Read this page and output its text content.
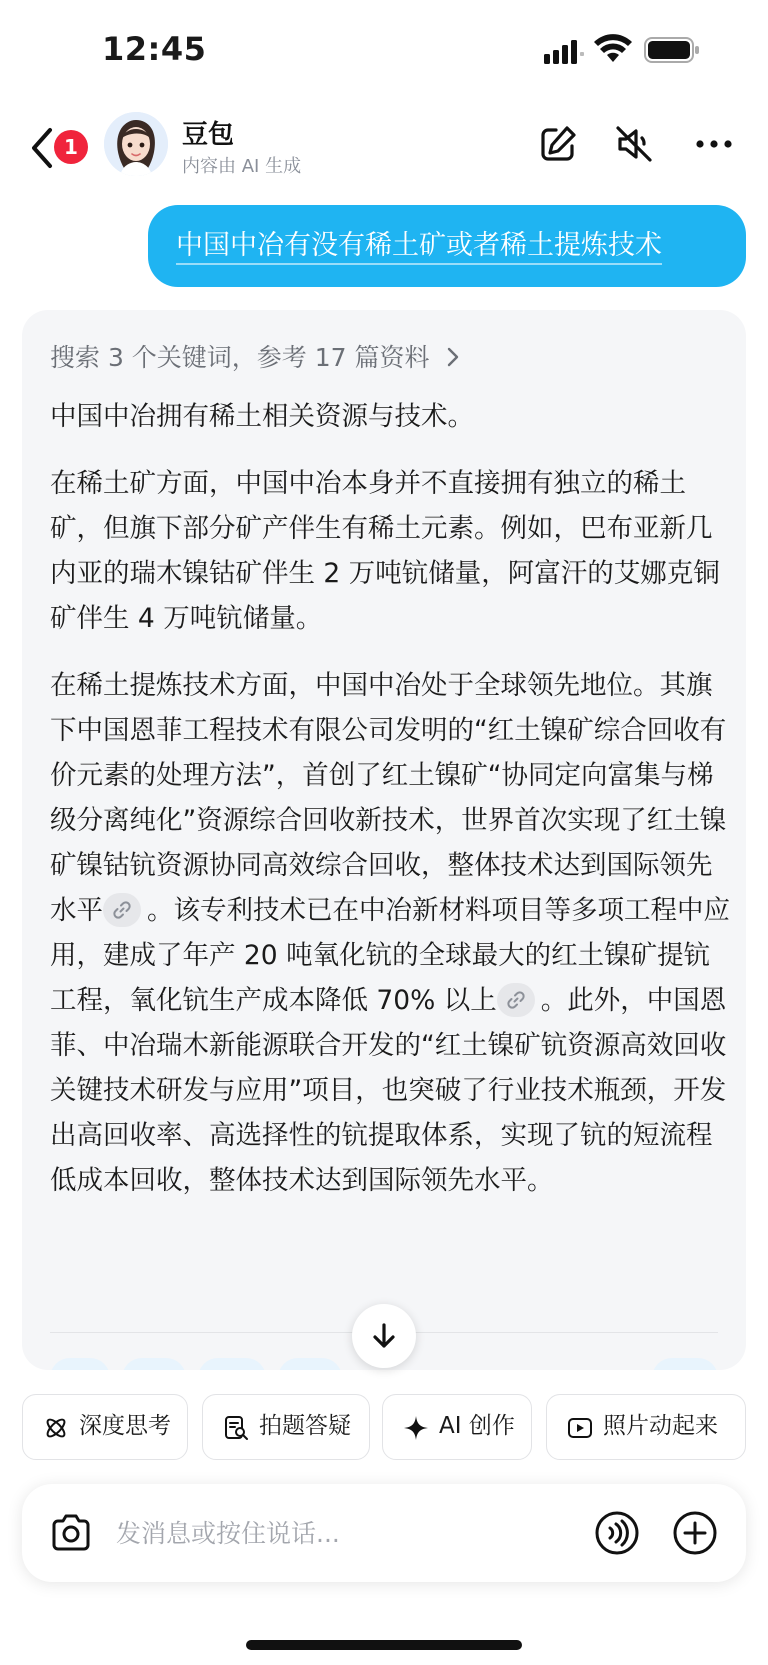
12:45
1	豆包
内容由 AI 生成
中国中冶有没有稀土矿或者稀土提炼技术
搜索 3 个关键词，参考 17 篇资料

中国中冶拥有稀土相关资源与技术。

在稀土矿方面，中国中冶本身并不直接拥有独立的稀土矿，但旗下部分矿产伴生有稀土元素。例如，巴布亚新几内亚的瑞木镍钴矿伴生 2 万吨钪储量，阿富汗的艾娜克铜矿伴生 4 万吨钪储量。

在稀土提炼技术方面，中国中冶处于全球领先地位。其旗下中国恩菲工程技术有限公司发明的“红土镍矿综合回收有价元素的处理方法”，首创了红土镍矿“协同定向富集与梯级分离纯化”资源综合回收新技术，世界首次实现了红土镍矿镍钴钪资源协同高效综合回收，整体技术达到国际领先水平 。该专利技术已在中冶新材料项目等多项工程中应用，建成了年产 20 吨氧化钪的全球最大的红土镍矿提钪工程，氧化钪生产成本降低 70% 以上 。此外，中国恩菲、中冶瑞木新能源联合开发的“红土镍矿钪资源高效回收关键技术研发与应用”项目，也突破了行业技术瓶颈，开发出高回收率、高选择性的钪提取体系，实现了钪的短流程低成本回收，整体技术达到国际领先水平。

深度思考	拍题答疑	AI 创作	照片动起来
发消息或按住说话...
